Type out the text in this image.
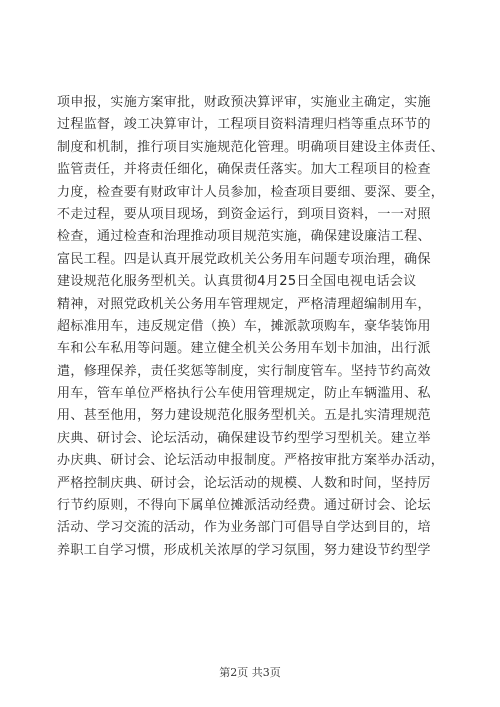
项申报，实施方案审批，财政预决算评审，实施业主确定，实施
过程监督，竣工决算审计，工程项目资料清理归档等重点环节的
制度和机制，推行项目实施规范化管理。明确项目建设主体责任、
监管责任，并将责任细化，确保责任落实。加大工程项目的检查
力度，检查要有财政审计人员参加，检查项目要细、要深、要全，
不走过程，要从项目现场，到资金运行，到项目资料，一一对照
检查，通过检查和治理推动项目规范实施，确保建设廉洁工程、
富民工程。四是认真开展党政机关公务用车问题专项治理，确保
建设规范化服务型机关。认真贯彻4月25日全国电视电话会议
精神，对照党政机关公务用车管理规定，严格清理超编制用车，
超标准用车，违反规定借（换）车，摊派款项购车，豪华装饰用
车和公车私用等问题。建立健全机关公务用车划卡加油，出行派
遣，修理保养，责任奖惩等制度，实行制度管车。坚持节约高效
用车，管车单位严格执行公车使用管理规定，防止车辆滥用、私
用、甚至他用，努力建设规范化服务型机关。五是扎实清理规范
庆典、研讨会、论坛活动，确保建设节约型学习型机关。建立举
办庆典、研讨会、论坛活动申报制度。严格按审批方案举办活动，
严格控制庆典、研讨会，论坛活动的规模、人数和时间，坚持厉
行节约原则，不得向下属单位摊派活动经费。通过研讨会、论坛
活动、学习交流的活动，作为业务部门可倡导自学达到目的，培
养职工自学习惯，形成机关浓厚的学习氛围，努力建设节约型学
第2页 共3页
